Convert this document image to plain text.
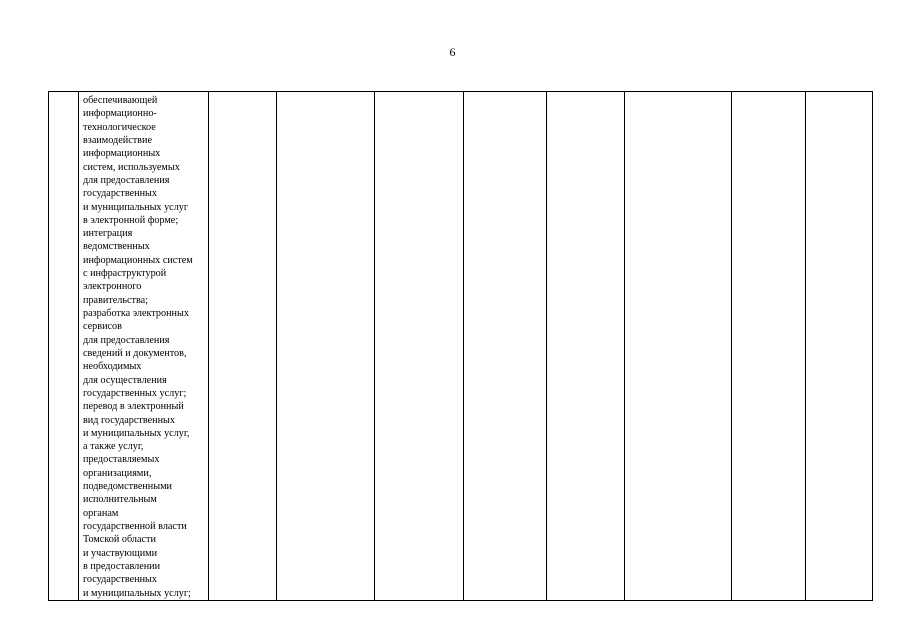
6

обеспечивающей
информационно-
технологическое
взаимодействие
информационных
систем, используемых
для предоставления
государственных
и муниципальных услуг
в электронной форме;
интеграция
ведомственных
информационных систем
с инфраструктурой
электронного
правительства;
разработка электронных
сервисов
для предоставления
сведений и документов,
необходимых
для осуществления
государственных услуг;
перевод в электронный
вид государственных
и муниципальных услуг,
а также услуг,
предоставляемых
организациями,
подведомственными
исполнительным
органам
государственной власти
Томской области
и участвующими
в предоставлении
государственных
и муниципальных услуг;
